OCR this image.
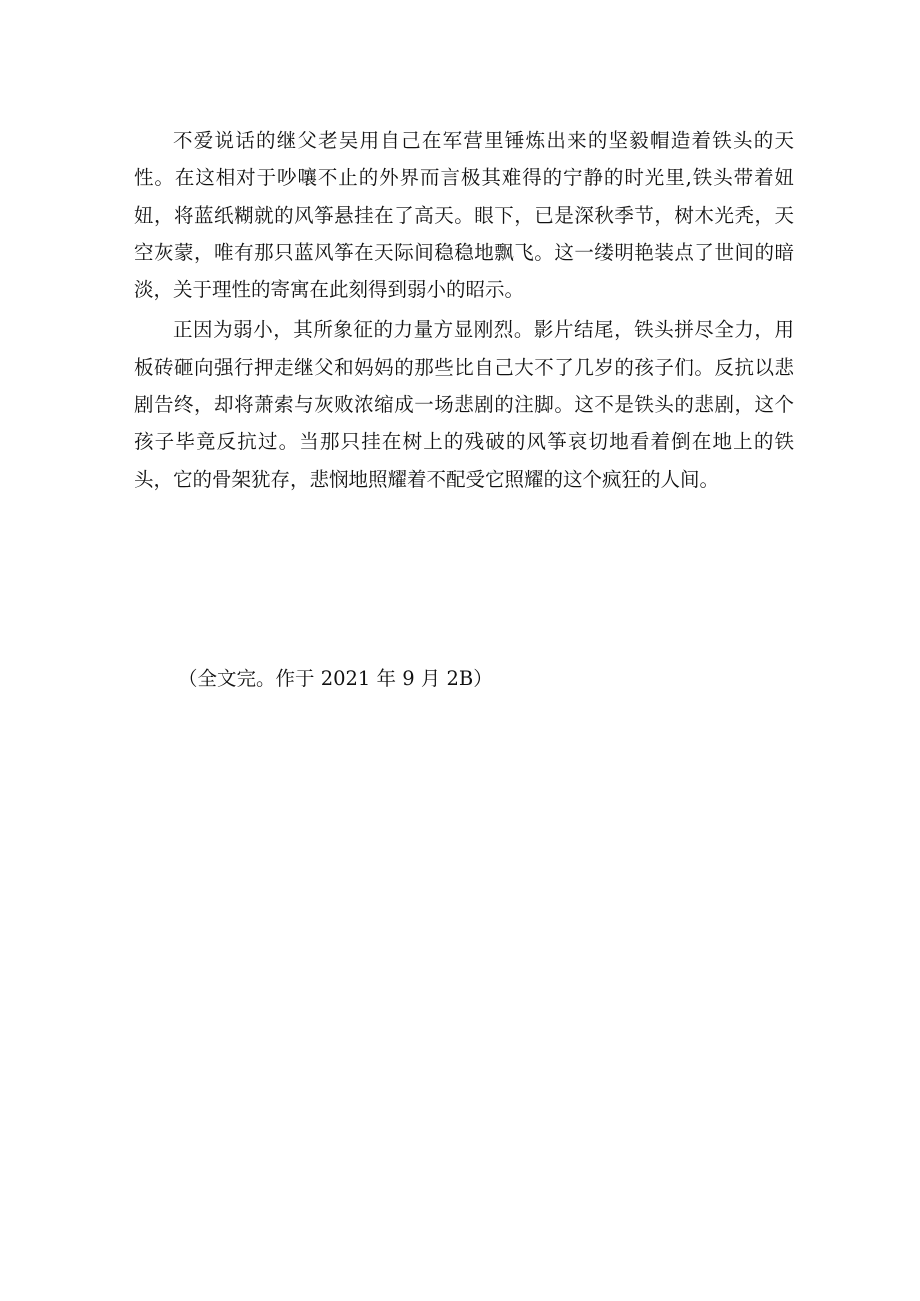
不爱说话的继父老吴用自己在军营里锤炼出来的坚毅帽造着铁头的天性。在这相对于吵嚷不止的外界而言极其难得的宁静的时光里,铁头带着妞妞，将蓝纸糊就的风筝悬挂在了高天。眼下，已是深秋季节，树木光秃，天空灰蒙，唯有那只蓝风筝在天际间稳稳地飘飞。这一缕明艳装点了世间的暗淡，关于理性的寄寓在此刻得到弱小的昭示。

正因为弱小，其所象征的力量方显刚烈。影片结尾，铁头拼尽全力，用板砖砸向强行押走继父和妈妈的那些比自己大不了几岁的孩子们。反抗以悲剧告终，却将萧索与灰败浓缩成一场悲剧的注脚。这不是铁头的悲剧，这个孩子毕竟反抗过。当那只挂在树上的残破的风筝哀切地看着倒在地上的铁头，它的骨架犹存，悲悯地照耀着不配受它照耀的这个疯狂的人间。

（全文完。作于 2021 年 9 月 2B）
